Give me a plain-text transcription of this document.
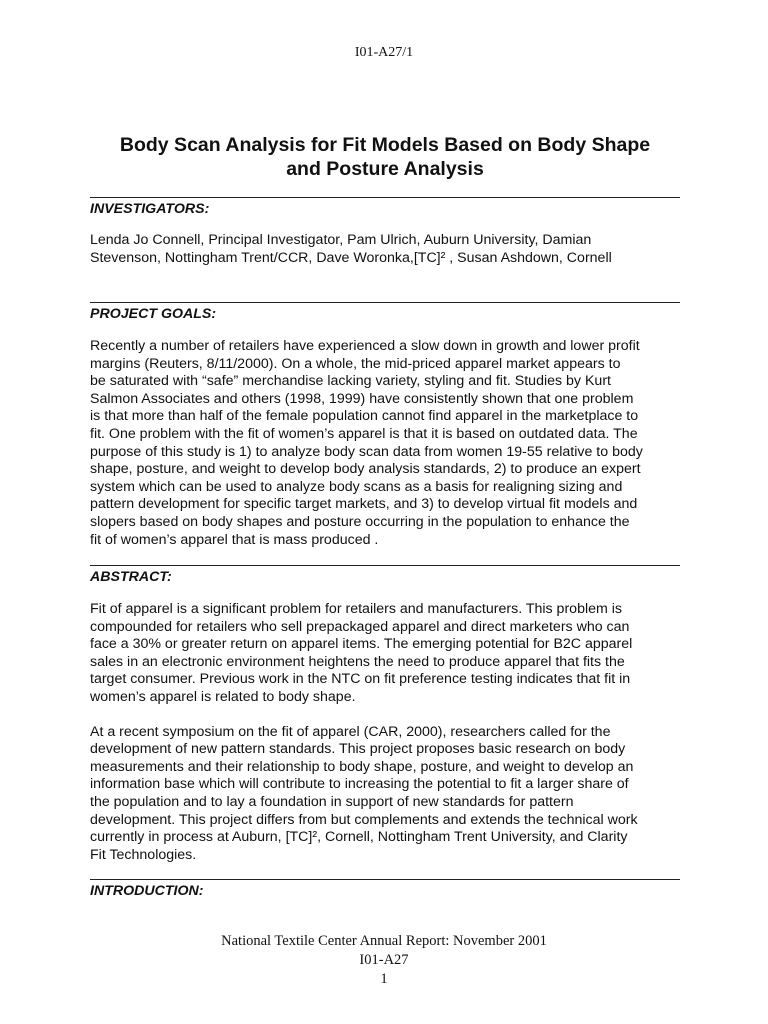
I01-A27/1
Body Scan Analysis for Fit Models Based on Body Shape
and Posture Analysis
INVESTIGATORS:

Lenda Jo Connell, Principal Investigator, Pam Ulrich, Auburn University, Damian

Stevenson, Nottingham Trent/CCR, Dave Woronka,[TC]² , Susan Ashdown, Cornell

PROJECT GOALS:

Recently a number of retailers have experienced a slow down in growth and lower profit

margins (Reuters, 8/11/2000). On a whole, the mid-priced apparel market appears to

be saturated with “safe” merchandise lacking variety, styling and fit. Studies by Kurt

Salmon Associates and others (1998, 1999) have consistently shown that one problem

is that more than half of the female population cannot find apparel in the marketplace to

fit. One problem with the fit of women’s apparel is that it is based on outdated data. The

purpose of this study is 1) to analyze body scan data from women 19-55 relative to body

shape, posture, and weight to develop body analysis standards, 2) to produce an expert

system which can be used to analyze body scans as a basis for realigning sizing and

pattern development for specific target markets, and 3) to develop virtual fit models and

slopers based on body shapes and posture occurring in the population to enhance the

fit of women’s apparel that is mass produced .

ABSTRACT:

Fit of apparel is a significant problem for retailers and manufacturers. This problem is

compounded for retailers who sell prepackaged apparel and direct marketers who can

face a 30% or greater return on apparel items. The emerging potential for B2C apparel

sales in an electronic environment heightens the need to produce apparel that fits the

target consumer. Previous work in the NTC on fit preference testing indicates that fit in

women’s apparel is related to body shape.

At a recent symposium on the fit of apparel (CAR, 2000), researchers called for the

development of new pattern standards. This project proposes basic research on body

measurements and their relationship to body shape, posture, and weight to develop an

information base which will contribute to increasing the potential to fit a larger share of

the population and to lay a foundation in support of new standards for pattern

development. This project differs from but complements and extends the technical work

currently in process at Auburn, [TC]², Cornell, Nottingham Trent University, and Clarity

Fit Technologies.

INTRODUCTION:
National Textile Center Annual Report: November 2001
I01-A27
1
